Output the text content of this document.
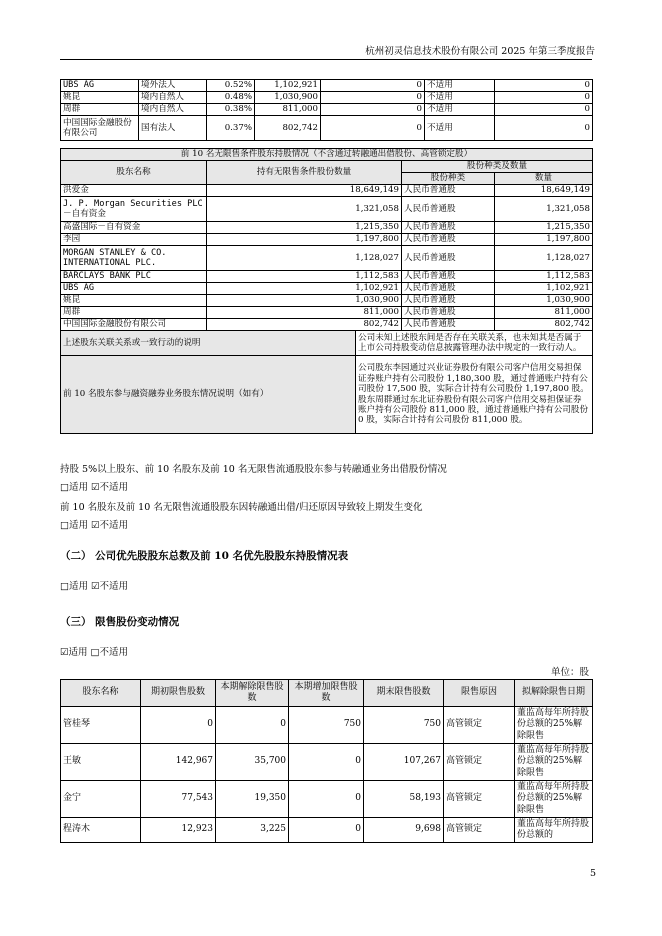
杭州初灵信息技术股份有限公司 2025 年第三季度报告
UBS AG	境外法人	0.52%	1,102,921	0	不适用	0
姚昆	境内自然人	0.48%	1,030,900	0	不适用	0
周群	境内自然人	0.38%	811,000	0	不适用	0
中国国际金融股份有限公司	国有法人	0.37%	802,742	0	不适用	0
前 10 名无限售条件股东持股情况（不含通过转融通出借股份、高管锁定股）				
股东名称	持有无限售条件股份数量		股份种类及数量	
			股份种类	数量
洪爱金	18,649,149		人民币普通股	18,649,149
J. P. Morgan Securities PLC －自有资金	1,321,058		人民币普通股	1,321,058
高盛国际－自有资金	1,215,350		人民币普通股	1,215,350
李园	1,197,800		人民币普通股	1,197,800
MORGAN STANLEY & CO. INTERNATIONAL PLC.	1,128,027		人民币普通股	1,128,027
BARCLAYS BANK PLC	1,112,583		人民币普通股	1,112,583
UBS AG	1,102,921		人民币普通股	1,102,921
姚昆	1,030,900		人民币普通股	1,030,900
周群	811,000		人民币普通股	811,000
中国国际金融股份有限公司	802,742		人民币普通股	802,742
上述股东关联关系或一致行动的说明		公司未知上述股东间是否存在关联关系，也未知其是否属于上市公司持股变动信息披露管理办法中规定的一致行动人。		
前 10 名股东参与融资融券业务股东情况说明（如有）		公司股东李园通过兴业证券股份有限公司客户信用交易担保证券账户持有公司股份 1,180,300 股，通过普通账户持有公司股份 17,500 股，实际合计持有公司股份 1,197,800 股。股东周群通过东北证券股份有限公司客户信用交易担保证券账户持有公司股份 811,000 股，通过普通账户持有公司股份 0 股，实际合计持有公司股份 811,000 股。		
持股 5%以上股东、前 10 名股东及前 10 名无限售流通股股东参与转融通业务出借股份情况
□适用 ☑不适用
前 10 名股东及前 10 名无限售流通股股东因转融通出借/归还原因导致较上期发生变化
□适用 ☑不适用
（二） 公司优先股股东总数及前 10 名优先股股东持股情况表
□适用 ☑不适用
（三） 限售股份变动情况
☑适用 □不适用
单位：股
股东名称	期初限售股数	本期解除限售股数	本期增加限售股数	期末限售股数	限售原因	拟解除限售日期
管桂琴	0	0	750	750	高管锁定	董监高每年所持股份总额的25%解除限售
王敏	142,967	35,700	0	107,267	高管锁定	董监高每年所持股份总额的25%解除限售
金宁	77,543	19,350	0	58,193	高管锁定	董监高每年所持股份总额的25%解除限售
程涛木	12,923	3,225	0	9,698	高管锁定	董监高每年所持股份总额的
5
